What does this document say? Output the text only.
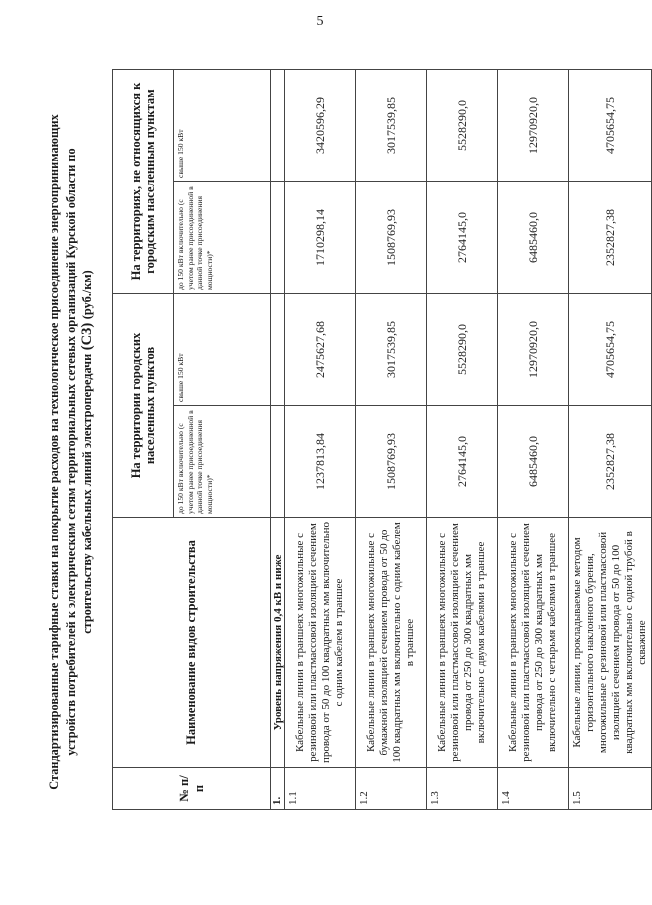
5
Стандартизированные тарифные ставки на покрытие расходов на технологическое присоединение энергопринимающих устройств потребителей к электрическим сетям территориальных сетевых организаций Курской области по строительству кабельных линий электропередачи (С3) (руб./км)
№ п/п	Наименование видов строительства	На территории городских населенных пунктов		На территориях, не относящихся к городским населенным пунктам	
		до 150 кВт включительно (с учетом ранее присоединенной в данной точке присоединения мощности)*	свыше 150 кВт	до 150 кВт включительно (с учетом ранее присоединенной в данной точке присоединения мощности)*	свыше 150 кВт
1.	Уровень напряжения 0,4 кВ и ниже				
1.1	Кабельные линии в траншеях многожильные с резиновой или пластмассовой изоляцией сечением провода от 50 до 100 квадратных мм включительно с одним кабелем в траншее	1237813,84	2475627,68	1710298,14	3420596,29
1.2	Кабельные линии в траншеях многожильные с бумажной изоляцией сечением провода от 50 до 100 квадратных мм включительно с одним кабелем в траншее	1508769,93	3017539,85	1508769,93	3017539,85
1.3	Кабельные линии в траншеях многожильные с резиновой или пластмассовой изоляцией сечением провода от 250 до 300 квадратных мм включительно с двумя кабелями в траншее	2764145,0	5528290,0	2764145,0	5528290,0
1.4	Кабельные линии в траншеях многожильные с резиновой или пластмассовой изоляцией сечением провода от 250 до 300 квадратных мм включительно с четырьмя кабелями в траншее	6485460,0	12970920,0	6485460,0	12970920,0
1.5	Кабельные линии, прокладываемые методом горизонтального наклонного бурения, многожильные с резиновой или пластмассовой изоляцией сечением провода от 50 до 100 квадратных мм включительно с одной трубой в скважине	2352827,38	4705654,75	2352827,38	4705654,75
